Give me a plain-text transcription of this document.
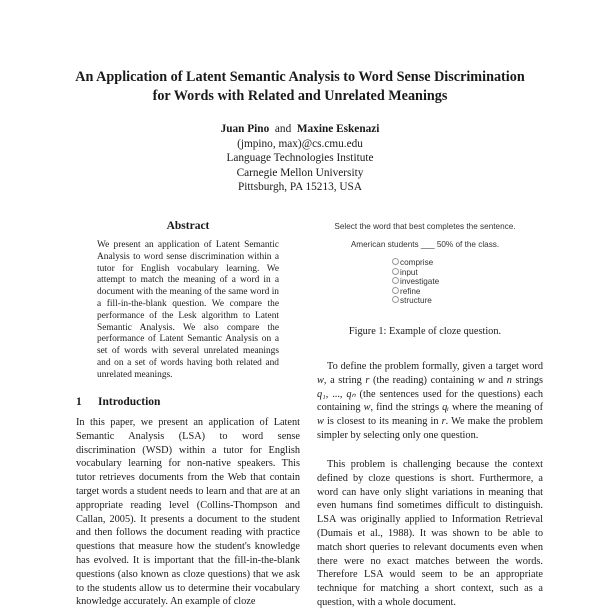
An Application of Latent Semantic Analysis to Word Sense Discrimination
for Words with Related and Unrelated Meanings
Juan Pino and Maxine Eskenazi
(jmpino, max)@cs.cmu.edu
Language Technologies Institute
Carnegie Mellon University
Pittsburgh, PA 15213, USA
Abstract
We present an application of Latent Semantic Analysis to word sense discrimination within a tutor for English vocabulary learning. We attempt to match the meaning of a word in a document with the meaning of the same word in a fill-in-the-blank question. We compare the performance of the Lesk algorithm to Latent Semantic Analysis. We also compare the performance of Latent Semantic Analysis on a set of words with several unrelated meanings and on a set of words having both related and unrelated meanings.
1 Introduction
In this paper, we present an application of Latent Semantic Analysis (LSA) to word sense discrimination (WSD) within a tutor for English vocabulary learning for non-native speakers. This tutor retrieves documents from the Web that contain target words a student needs to learn and that are at an appropriate reading level (Collins-Thompson and Callan, 2005). It presents a document to the student and then follows the document reading with practice questions that measure how the student's knowledge has evolved. It is important that the fill-in-the-blank questions (also known as cloze questions) that we ask to the students allow us to determine their vocabulary knowledge accurately. An example of cloze
Select the word that best completes the sentence.
American students ___ 50% of the class.
comprise
input
investigate
refine
structure
Figure 1: Example of cloze question.
To define the problem formally, given a target word w, a string r (the reading) containing w and n strings q₁, ..., qₙ (the sentences used for the questions) each containing w, find the strings qᵢ where the meaning of w is closest to its meaning in r. We make the problem simpler by selecting only one question.
This problem is challenging because the context defined by cloze questions is short. Furthermore, a word can have only slight variations in meaning that even humans find sometimes difficult to distinguish. LSA was originally applied to Information Retrieval (Dumais et al., 1988). It was shown to be able to match short queries to relevant documents even when there were no exact matches between the words. Therefore LSA would seem to be an appropriate technique for matching a short context, such as a question, with a whole document.
